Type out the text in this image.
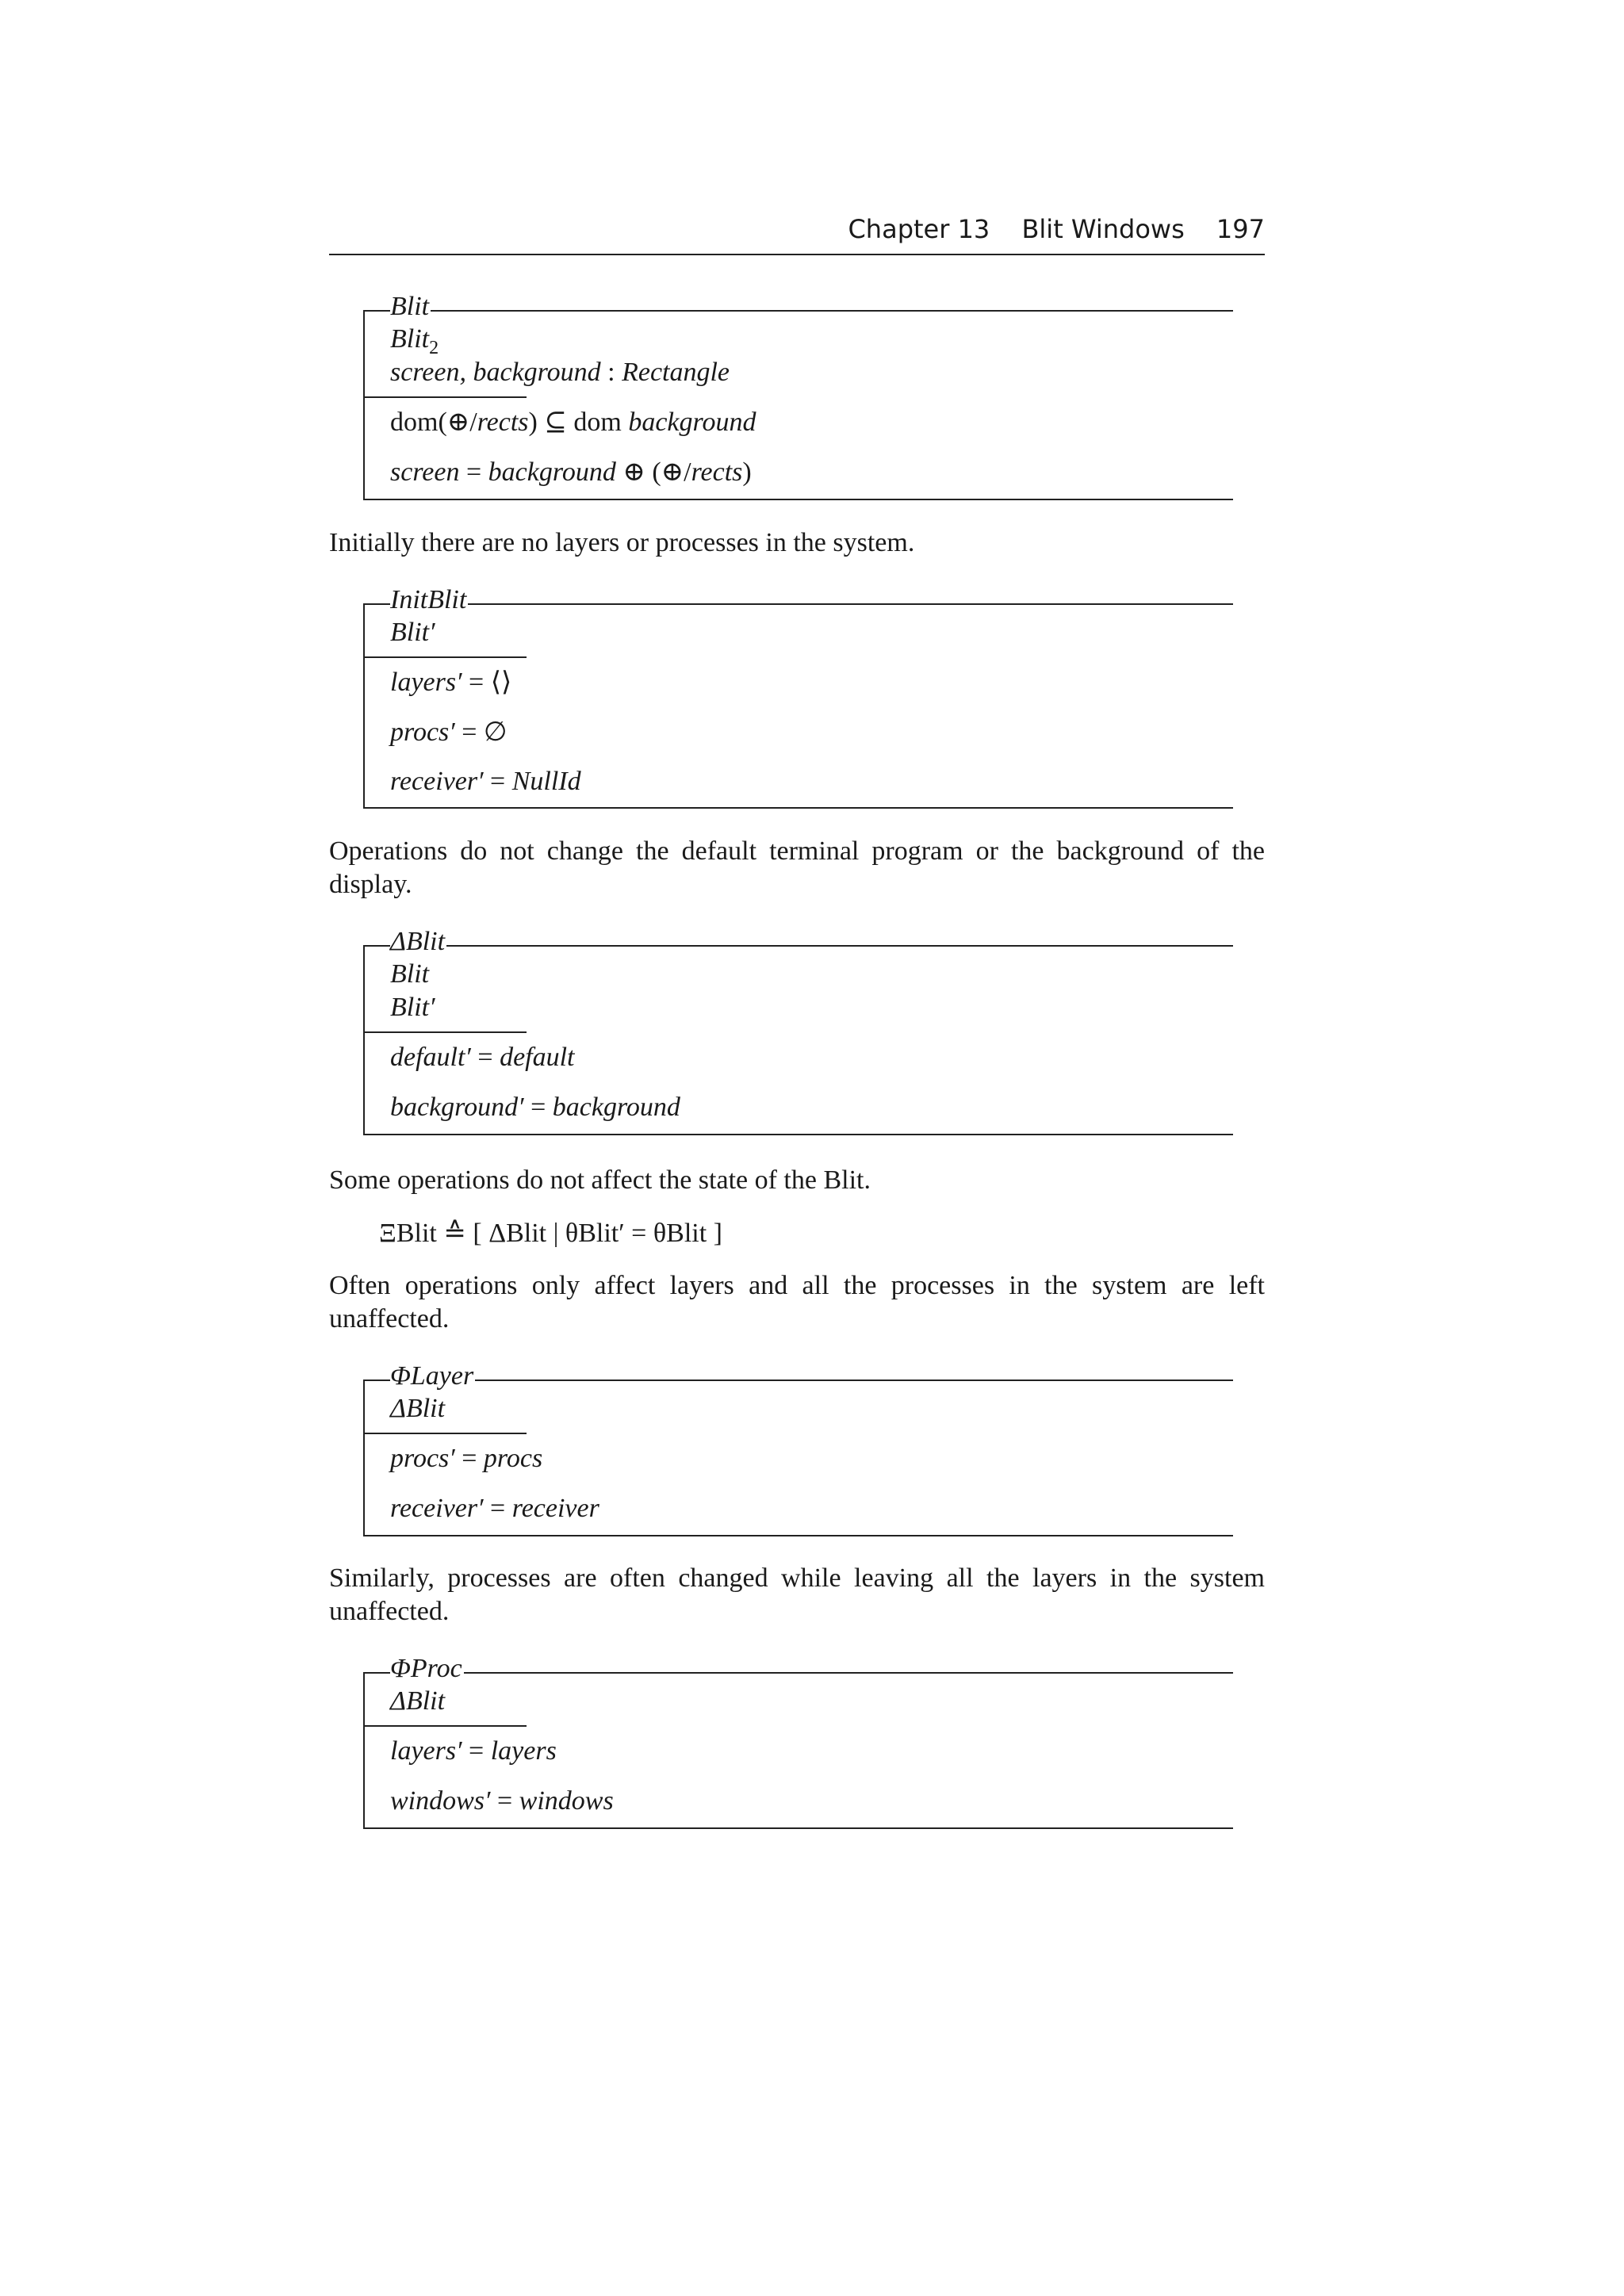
Chapter 13 Blit Windows 197
Blit
Blit$_2$
screen, background : Rectangle
dom(⊕/rects) ⊆ dom background
screen = background ⊕ (⊕/rects)

Initially there are no layers or processes in the system.

InitBlit
Blit′
layers′ = ⟨⟩
procs′ = ∅
receiver′ = NullId

Operations do not change the default terminal program or the background of the display.

ΔBlit
Blit
Blit′
default′ = default
background′ = background

Some operations do not affect the state of the Blit.

ΞBlit ≙ [ ΔBlit | θBlit′ = θBlit ]

Often operations only affect layers and all the processes in the system are left unaffected.

ΦLayer
ΔBlit
procs′ = procs
receiver′ = receiver

Similarly, processes are often changed while leaving all the layers in the system unaffected.

ΦProc
ΔBlit
layers′ = layers
windows′ = windows
